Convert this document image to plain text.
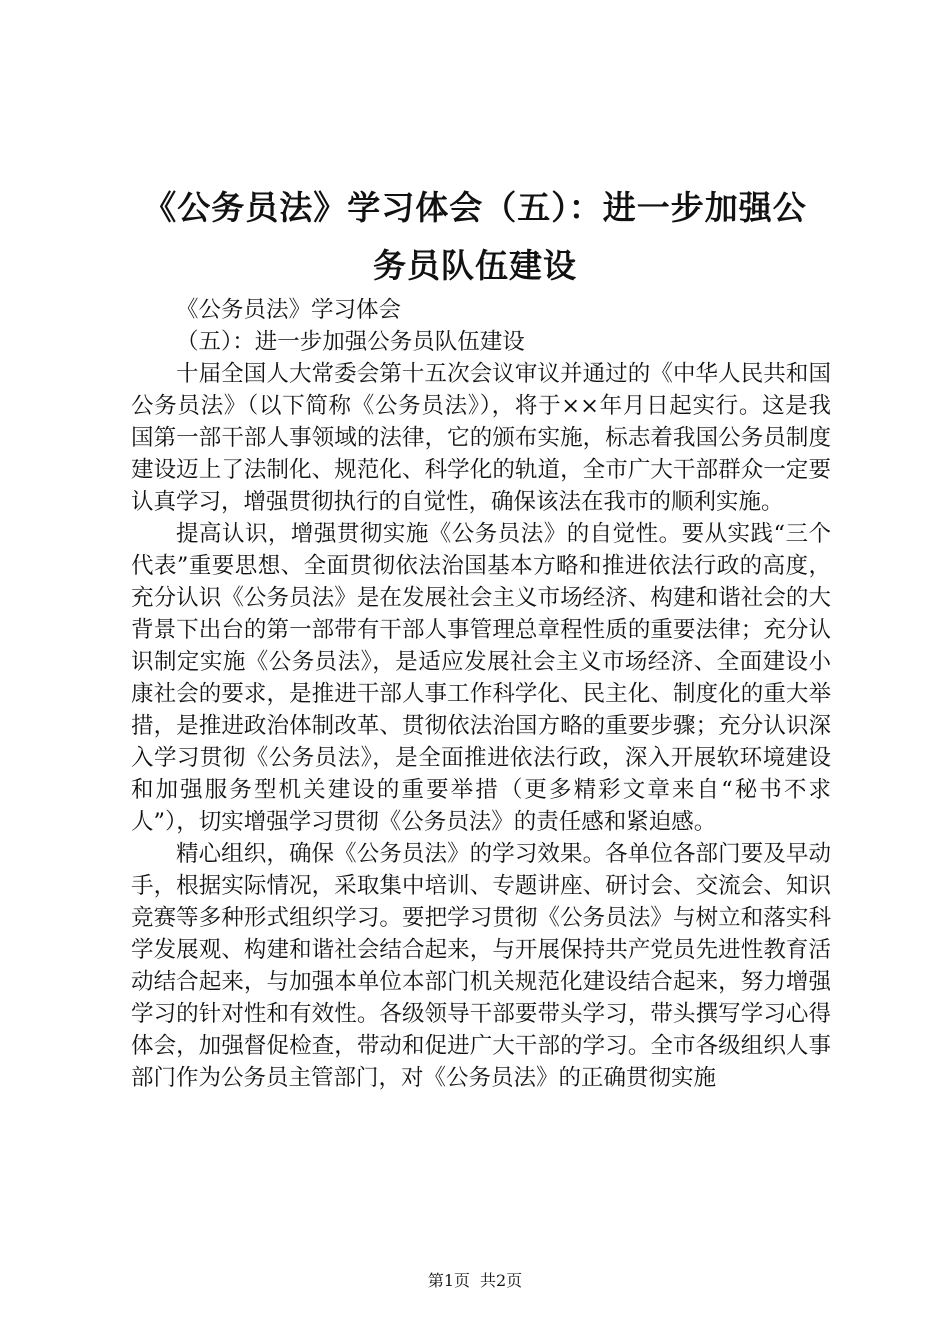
《公务员法》学习体会（五）：进一步加强公
务员队伍建设

《公务员法》学习体会

（五）：进一步加强公务员队伍建设

十届全国人大常委会第十五次会议审议并通过的《中华人民共和国公务员法》（以下简称《公务员法》），将于××年月日起实行。这是我国第一部干部人事领域的法律，它的颁布实施，标志着我国公务员制度建设迈上了法制化、规范化、科学化的轨道，全市广大干部群众一定要认真学习，增强贯彻执行的自觉性，确保该法在我市的顺利实施。

提高认识，增强贯彻实施《公务员法》的自觉性。要从实践“三个代表”重要思想、全面贯彻依法治国基本方略和推进依法行政的高度，充分认识《公务员法》是在发展社会主义市场经济、构建和谐社会的大背景下出台的第一部带有干部人事管理总章程性质的重要法律；充分认识制定实施《公务员法》，是适应发展社会主义市场经济、全面建设小康社会的要求，是推进干部人事工作科学化、民主化、制度化的重大举措，是推进政治体制改革、贯彻依法治国方略的重要步骤；充分认识深入学习贯彻《公务员法》，是全面推进依法行政，深入开展软环境建设和加强服务型机关建设的重要举措（更多精彩文章来自“秘书不求人”），切实增强学习贯彻《公务员法》的责任感和紧迫感。

精心组织，确保《公务员法》的学习效果。各单位各部门要及早动手，根据实际情况，采取集中培训、专题讲座、研讨会、交流会、知识竞赛等多种形式组织学习。要把学习贯彻《公务员法》与树立和落实科学发展观、构建和谐社会结合起来，与开展保持共产党员先进性教育活动结合起来，与加强本单位本部门机关规范化建设结合起来，努力增强学习的针对性和有效性。各级领导干部要带头学习，带头撰写学习心得体会，加强督促检查，带动和促进广大干部的学习。全市各级组织人事部门作为公务员主管部门，对《公务员法》的正确贯彻实施

第1页 共2页
